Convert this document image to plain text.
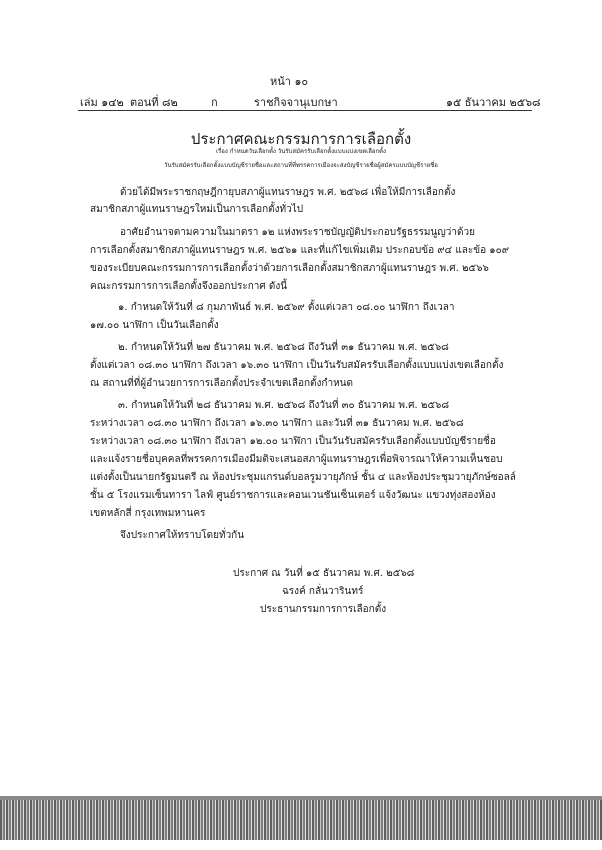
หน้า ๑๐
เล่ม ๑๔๒ ตอนที่ ๘๒	ก	ราชกิจจานุเบกษา	๑๕ ธันวาคม ๒๕๖๘
ประกาศคณะกรรมการการเลือกตั้ง
เรื่อง กำหนดวันเลือกตั้ง วันรับสมัครรับเลือกตั้งแบบแบ่งเขตเลือกตั้ง
วันรับสมัครรับเลือกตั้งแบบบัญชีรายชื่อและสถานที่ที่พรรคการเมืองจะส่งบัญชีรายชื่อผู้สมัครแบบบัญชีรายชื่อ
ด้วยได้มีพระราชกฤษฎีกายุบสภาผู้แทนราษฎร พ.ศ. ๒๕๖๘ เพื่อให้มีการเลือกตั้ง
สมาชิกสภาผู้แทนราษฎรใหม่เป็นการเลือกตั้งทั่วไป
อาศัยอำนาจตามความในมาตรา ๑๒ แห่งพระราชบัญญัติประกอบรัฐธรรมนูญว่าด้วย
การเลือกตั้งสมาชิกสภาผู้แทนราษฎร พ.ศ. ๒๕๖๑ และที่แก้ไขเพิ่มเติม ประกอบข้อ ๙๔ และข้อ ๑๐๙
ของระเบียบคณะกรรมการการเลือกตั้งว่าด้วยการเลือกตั้งสมาชิกสภาผู้แทนราษฎร พ.ศ. ๒๕๖๖
คณะกรรมการการเลือกตั้งจึงออกประกาศ ดังนี้
๑. กำหนดให้วันที่ ๘ กุมภาพันธ์ พ.ศ. ๒๕๖๙ ตั้งแต่เวลา ๐๘.๐๐ นาฬิกา ถึงเวลา
๑๗.๐๐ นาฬิกา เป็นวันเลือกตั้ง
๒. กำหนดให้วันที่ ๒๗ ธันวาคม พ.ศ. ๒๕๖๘ ถึงวันที่ ๓๑ ธันวาคม พ.ศ. ๒๕๖๘
ตั้งแต่เวลา ๐๘.๓๐ นาฬิกา ถึงเวลา ๑๖.๓๐ นาฬิกา เป็นวันรับสมัครรับเลือกตั้งแบบแบ่งเขตเลือกตั้ง
ณ สถานที่ที่ผู้อำนวยการการเลือกตั้งประจำเขตเลือกตั้งกำหนด
๓. กำหนดให้วันที่ ๒๘ ธันวาคม พ.ศ. ๒๕๖๘ ถึงวันที่ ๓๐ ธันวาคม พ.ศ. ๒๕๖๘
ระหว่างเวลา ๐๘.๓๐ นาฬิกา ถึงเวลา ๑๖.๓๐ นาฬิกา และวันที่ ๓๑ ธันวาคม พ.ศ. ๒๕๖๘
ระหว่างเวลา ๐๘.๓๐ นาฬิกา ถึงเวลา ๑๒.๐๐ นาฬิกา เป็นวันรับสมัครรับเลือกตั้งแบบบัญชีรายชื่อ
และแจ้งรายชื่อบุคคลที่พรรคการเมืองมีมติจะเสนอสภาผู้แทนราษฎรเพื่อพิจารณาให้ความเห็นชอบ
แต่งตั้งเป็นนายกรัฐมนตรี ณ ห้องประชุมแกรนด์บอลรูมวายุภักษ์ ชั้น ๔ และห้องประชุมวายุภักษ์ซอลล์
ชั้น ๕ โรงแรมเซ็นทารา ไลฟ์ ศูนย์ราชการและคอนเวนชันเซ็นเตอร์ แจ้งวัฒนะ แขวงทุ่งสองห้อง
เขตหลักสี่ กรุงเทพมหานคร
จึงประกาศให้ทราบโดยทั่วกัน
ประกาศ ณ วันที่ ๑๕ ธันวาคม พ.ศ. ๒๕๖๘
ฉรงค์ กลั่นวารินทร์
ประธานกรรมการการเลือกตั้ง
